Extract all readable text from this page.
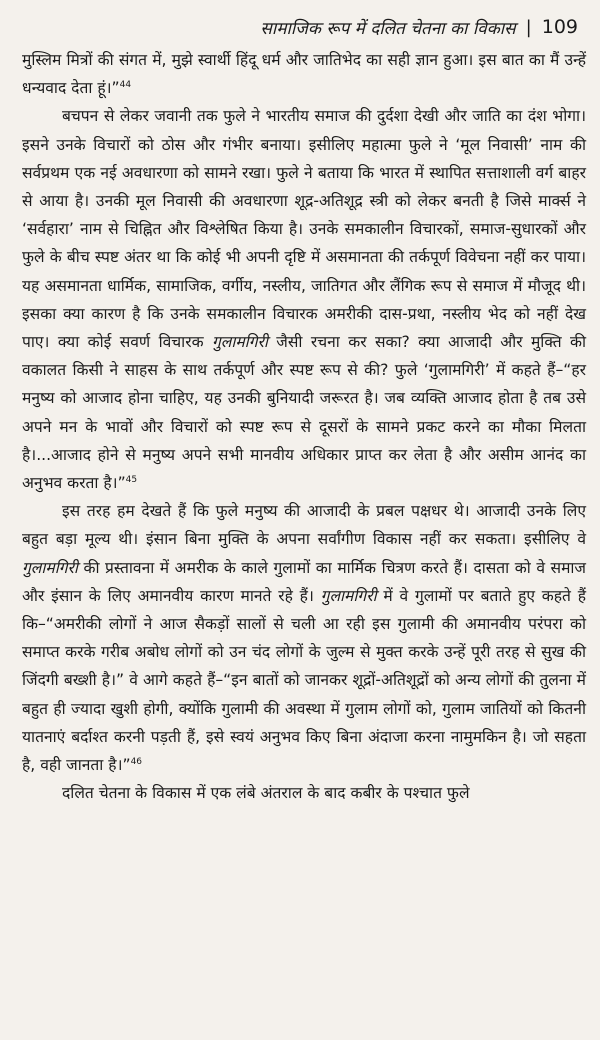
सामाजिक रूप में दलित चेतना का विकास | 109

मुस्लिम मित्रों की संगत में, मुझे स्वार्थी हिंदू धर्म और जातिभेद का सही ज्ञान हुआ। इस बात का मैं उन्हें धन्यवाद देता हूं।”$^{44}$

बचपन से लेकर जवानी तक फुले ने भारतीय समाज की दुर्दशा देखी और जाति का दंश भोगा। इसने उनके विचारों को ठोस और गंभीर बनाया। इसीलिए महात्मा फुले ने ‘मूल निवासी’ नाम की सर्वप्रथम एक नई अवधारणा को सामने रखा। फुले ने बताया कि भारत में स्थापित सत्ताशाली वर्ग बाहर से आया है। उनकी मूल निवासी की अवधारणा शूद्र-अतिशूद्र स्त्री को लेकर बनती है जिसे मार्क्स ने ‘सर्वहारा’ नाम से चिह्नित और विश्लेषित किया है। उनके समकालीन विचारकों, समाज-सुधारकों और फुले के बीच स्पष्ट अंतर था कि कोई भी अपनी दृष्टि में असमानता की तर्कपूर्ण विवेचना नहीं कर पाया। यह असमानता धार्मिक, सामाजिक, वर्गीय, नस्लीय, जातिगत और लैंगिक रूप से समाज में मौजूद थी। इसका क्या कारण है कि उनके समकालीन विचारक अमरीकी दास-प्रथा, नस्लीय भेद को नहीं देख पाए। क्या कोई सवर्ण विचारक गुलामगिरी जैसी रचना कर सका? क्या आजादी और मुक्ति की वकालत किसी ने साहस के साथ तर्कपूर्ण और स्पष्ट रूप से की? फुले ‘गुलामगिरी’ में कहते हैं–“हर मनुष्य को आजाद होना चाहिए, यह उनकी बुनियादी जरूरत है। जब व्यक्ति आजाद होता है तब उसे अपने मन के भावों और विचारों को स्पष्ट रूप से दूसरों के सामने प्रकट करने का मौका मिलता है।...आजाद होने से मनुष्य अपने सभी मानवीय अधिकार प्राप्त कर लेता है और असीम आनंद का अनुभव करता है।”$^{45}$

इस तरह हम देखते हैं कि फुले मनुष्य की आजादी के प्रबल पक्षधर थे। आजादी उनके लिए बहुत बड़ा मूल्य थी। इंसान बिना मुक्ति के अपना सर्वांगीण विकास नहीं कर सकता। इसीलिए वे गुलामगिरी की प्रस्तावना में अमरीक के काले गुलामों का मार्मिक चित्रण करते हैं। दासता को वे समाज और इंसान के लिए अमानवीय कारण मानते रहे हैं। गुलामगिरी में वे गुलामों पर बताते हुए कहते हैं कि–“अमरीकी लोगों ने आज सैकड़ों सालों से चली आ रही इस गुलामी की अमानवीय परंपरा को समाप्त करके गरीब अबोध लोगों को उन चंद लोगों के जुल्म से मुक्त करके उन्हें पूरी तरह से सुख की जिंदगी बख्शी है।” वे आगे कहते हैं–“इन बातों को जानकर शूद्रों-अतिशूद्रों को अन्य लोगों की तुलना में बहुत ही ज्यादा खुशी होगी, क्योंकि गुलामी की अवस्था में गुलाम लोगों को, गुलाम जातियों को कितनी यातनाएं बर्दाश्त करनी पड़ती हैं, इसे स्वयं अनुभव किए बिना अंदाजा करना नामुमकिन है। जो सहता है, वही जानता है।”$^{46}$

दलित चेतना के विकास में एक लंबे अंतराल के बाद कबीर के पश्चात फुले
